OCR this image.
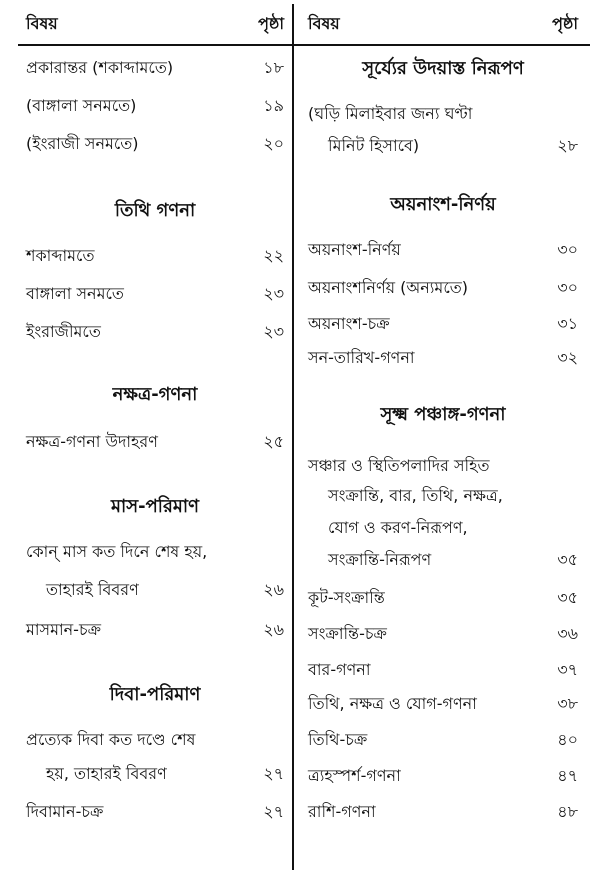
বিষয়	পৃষ্ঠা
প্রকারান্তর (শকাব্দামতে)	১৮
(বাঙ্গালা সনমতে)	১৯
(ইংরাজী সনমতে)	২০
তিথি গণনা
শকাব্দামতে	২২
বাঙ্গালা সনমতে	২৩
ইংরাজীমতে	২৩
নক্ষত্র-গণনা
নক্ষত্র-গণনা উদাহরণ	২৫
মাস-পরিমাণ
কোন্ মাস কত দিনে শেষ হয়,
তাহারই বিবরণ	২৬
মাসমান-চক্র	২৬
দিবা-পরিমাণ
প্রত্যেক দিবা কত দণ্ডে শেষ
হয়, তাহারই বিবরণ	২৭
দিবামান-চক্র	২৭
বিষয়	পৃষ্ঠা
সূর্য্যের উদয়াস্ত নিরূপণ
(ঘড়ি মিলাইবার জন্য ঘণ্টা
মিনিট হিসাবে)	২৮
অয়নাংশ-নির্ণয়
অয়নাংশ-নির্ণয়	৩০
অয়নাংশনির্ণয় (অন্যমতে)	৩০
অয়নাংশ-চক্র	৩১
সন-তারিখ-গণনা	৩২
সূক্ষ্ম পঞ্চাঙ্গ-গণনা
সঞ্চার ও স্থিতিপলাদির সহিত
সংক্রান্তি, বার, তিথি, নক্ষত্র,
যোগ ও করণ-নিরূপণ,
সংক্রান্তি-নিরূপণ	৩৫
কূট-সংক্রান্তি	৩৫
সংক্রান্তি-চক্র	৩৬
বার-গণনা	৩৭
তিথি, নক্ষত্র ও যোগ-গণনা	৩৮
তিথি-চক্র	৪০
ত্র্যহস্পর্শ-গণনা	৪৭
রাশি-গণনা	৪৮
